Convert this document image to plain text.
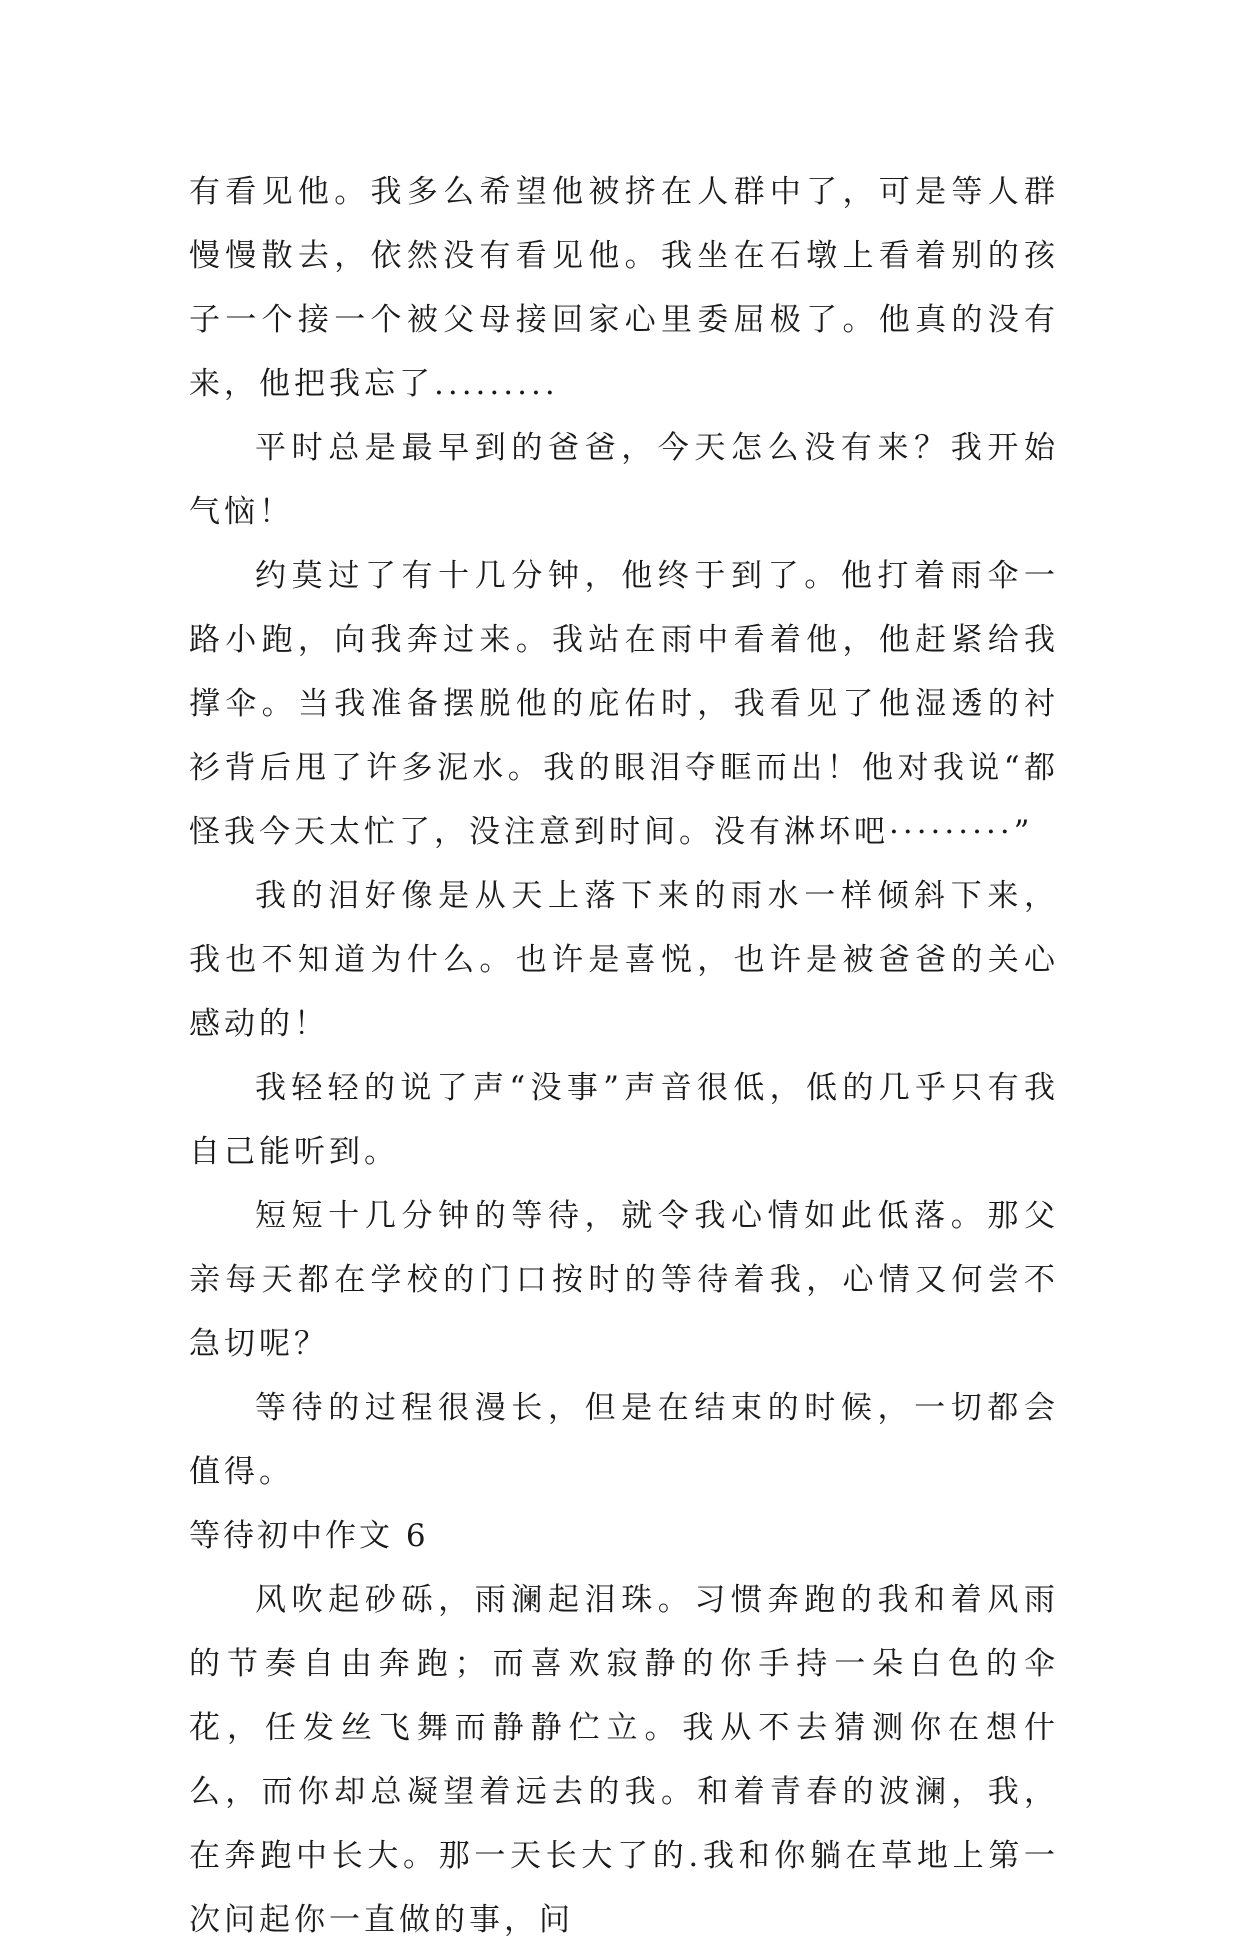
有看见他。我多么希望他被挤在人群中了，可是等人群慢慢散去，依然没有看见他。我坐在石墩上看着别的孩子一个接一个被父母接回家心里委屈极了。他真的没有来，他把我忘了.........

平时总是最早到的爸爸，今天怎么没有来？我开始气恼！

约莫过了有十几分钟，他终于到了。他打着雨伞一路小跑，向我奔过来。我站在雨中看着他，他赶紧给我撑伞。当我准备摆脱他的庇佑时，我看见了他湿透的衬衫背后甩了许多泥水。我的眼泪夺眶而出！他对我说“都怪我今天太忙了，没注意到时间。没有淋坏吧·········”

我的泪好像是从天上落下来的雨水一样倾斜下来，我也不知道为什么。也许是喜悦，也许是被爸爸的关心感动的！

我轻轻的说了声“没事”声音很低，低的几乎只有我自己能听到。

短短十几分钟的等待，就令我心情如此低落。那父亲每天都在学校的门口按时的等待着我，心情又何尝不急切呢？

等待的过程很漫长，但是在结束的时候，一切都会值得。

等待初中作文 6

风吹起砂砾，雨澜起泪珠。习惯奔跑的我和着风雨的节奏自由奔跑；而喜欢寂静的你手持一朵白色的伞花，任发丝飞舞而静静伫立。我从不去猜测你在想什么，而你却总凝望着远去的我。和着青春的波澜，我，在奔跑中长大。那一天长大了的.我和你躺在草地上第一次问起你一直做的事，问
